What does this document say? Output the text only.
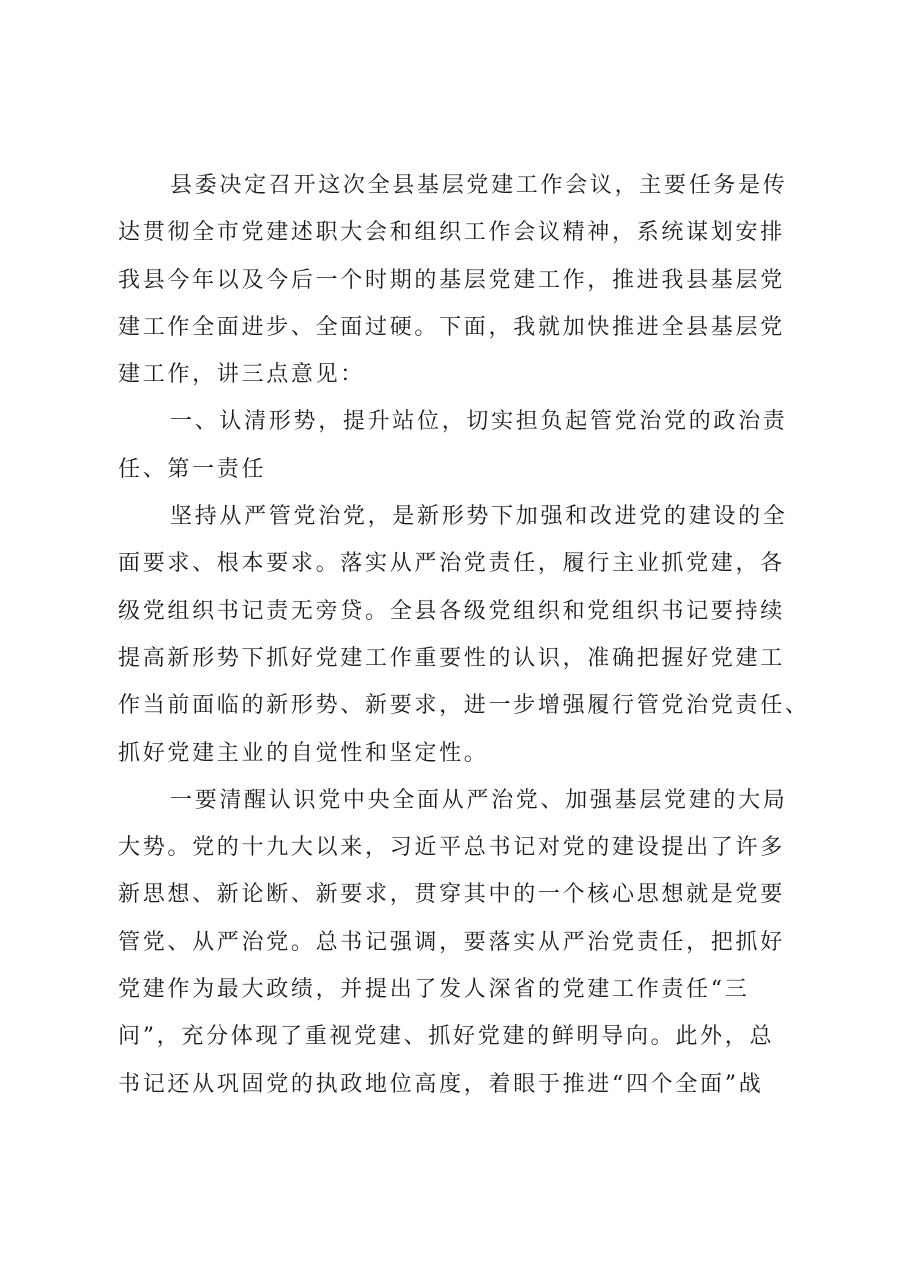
县委决定召开这次全县基层党建工作会议，主要任务是传
达贯彻全市党建述职大会和组织工作会议精神，系统谋划安排
我县今年以及今后一个时期的基层党建工作，推进我县基层党
建工作全面进步、全面过硬。下面，我就加快推进全县基层党
建工作，讲三点意见：
一、认清形势，提升站位，切实担负起管党治党的政治责
任、第一责任
坚持从严管党治党，是新形势下加强和改进党的建设的全
面要求、根本要求。落实从严治党责任，履行主业抓党建，各
级党组织书记责无旁贷。全县各级党组织和党组织书记要持续
提高新形势下抓好党建工作重要性的认识，准确把握好党建工
作当前面临的新形势、新要求，进一步增强履行管党治党责任、
抓好党建主业的自觉性和坚定性。
一要清醒认识党中央全面从严治党、加强基层党建的大局
大势。党的十九大以来，习近平总书记对党的建设提出了许多
新思想、新论断、新要求，贯穿其中的一个核心思想就是党要
管党、从严治党。总书记强调，要落实从严治党责任，把抓好
党建作为最大政绩，并提出了发人深省的党建工作责任“三
问”，充分体现了重视党建、抓好党建的鲜明导向。此外，总
书记还从巩固党的执政地位高度，着眼于推进“四个全面”战
